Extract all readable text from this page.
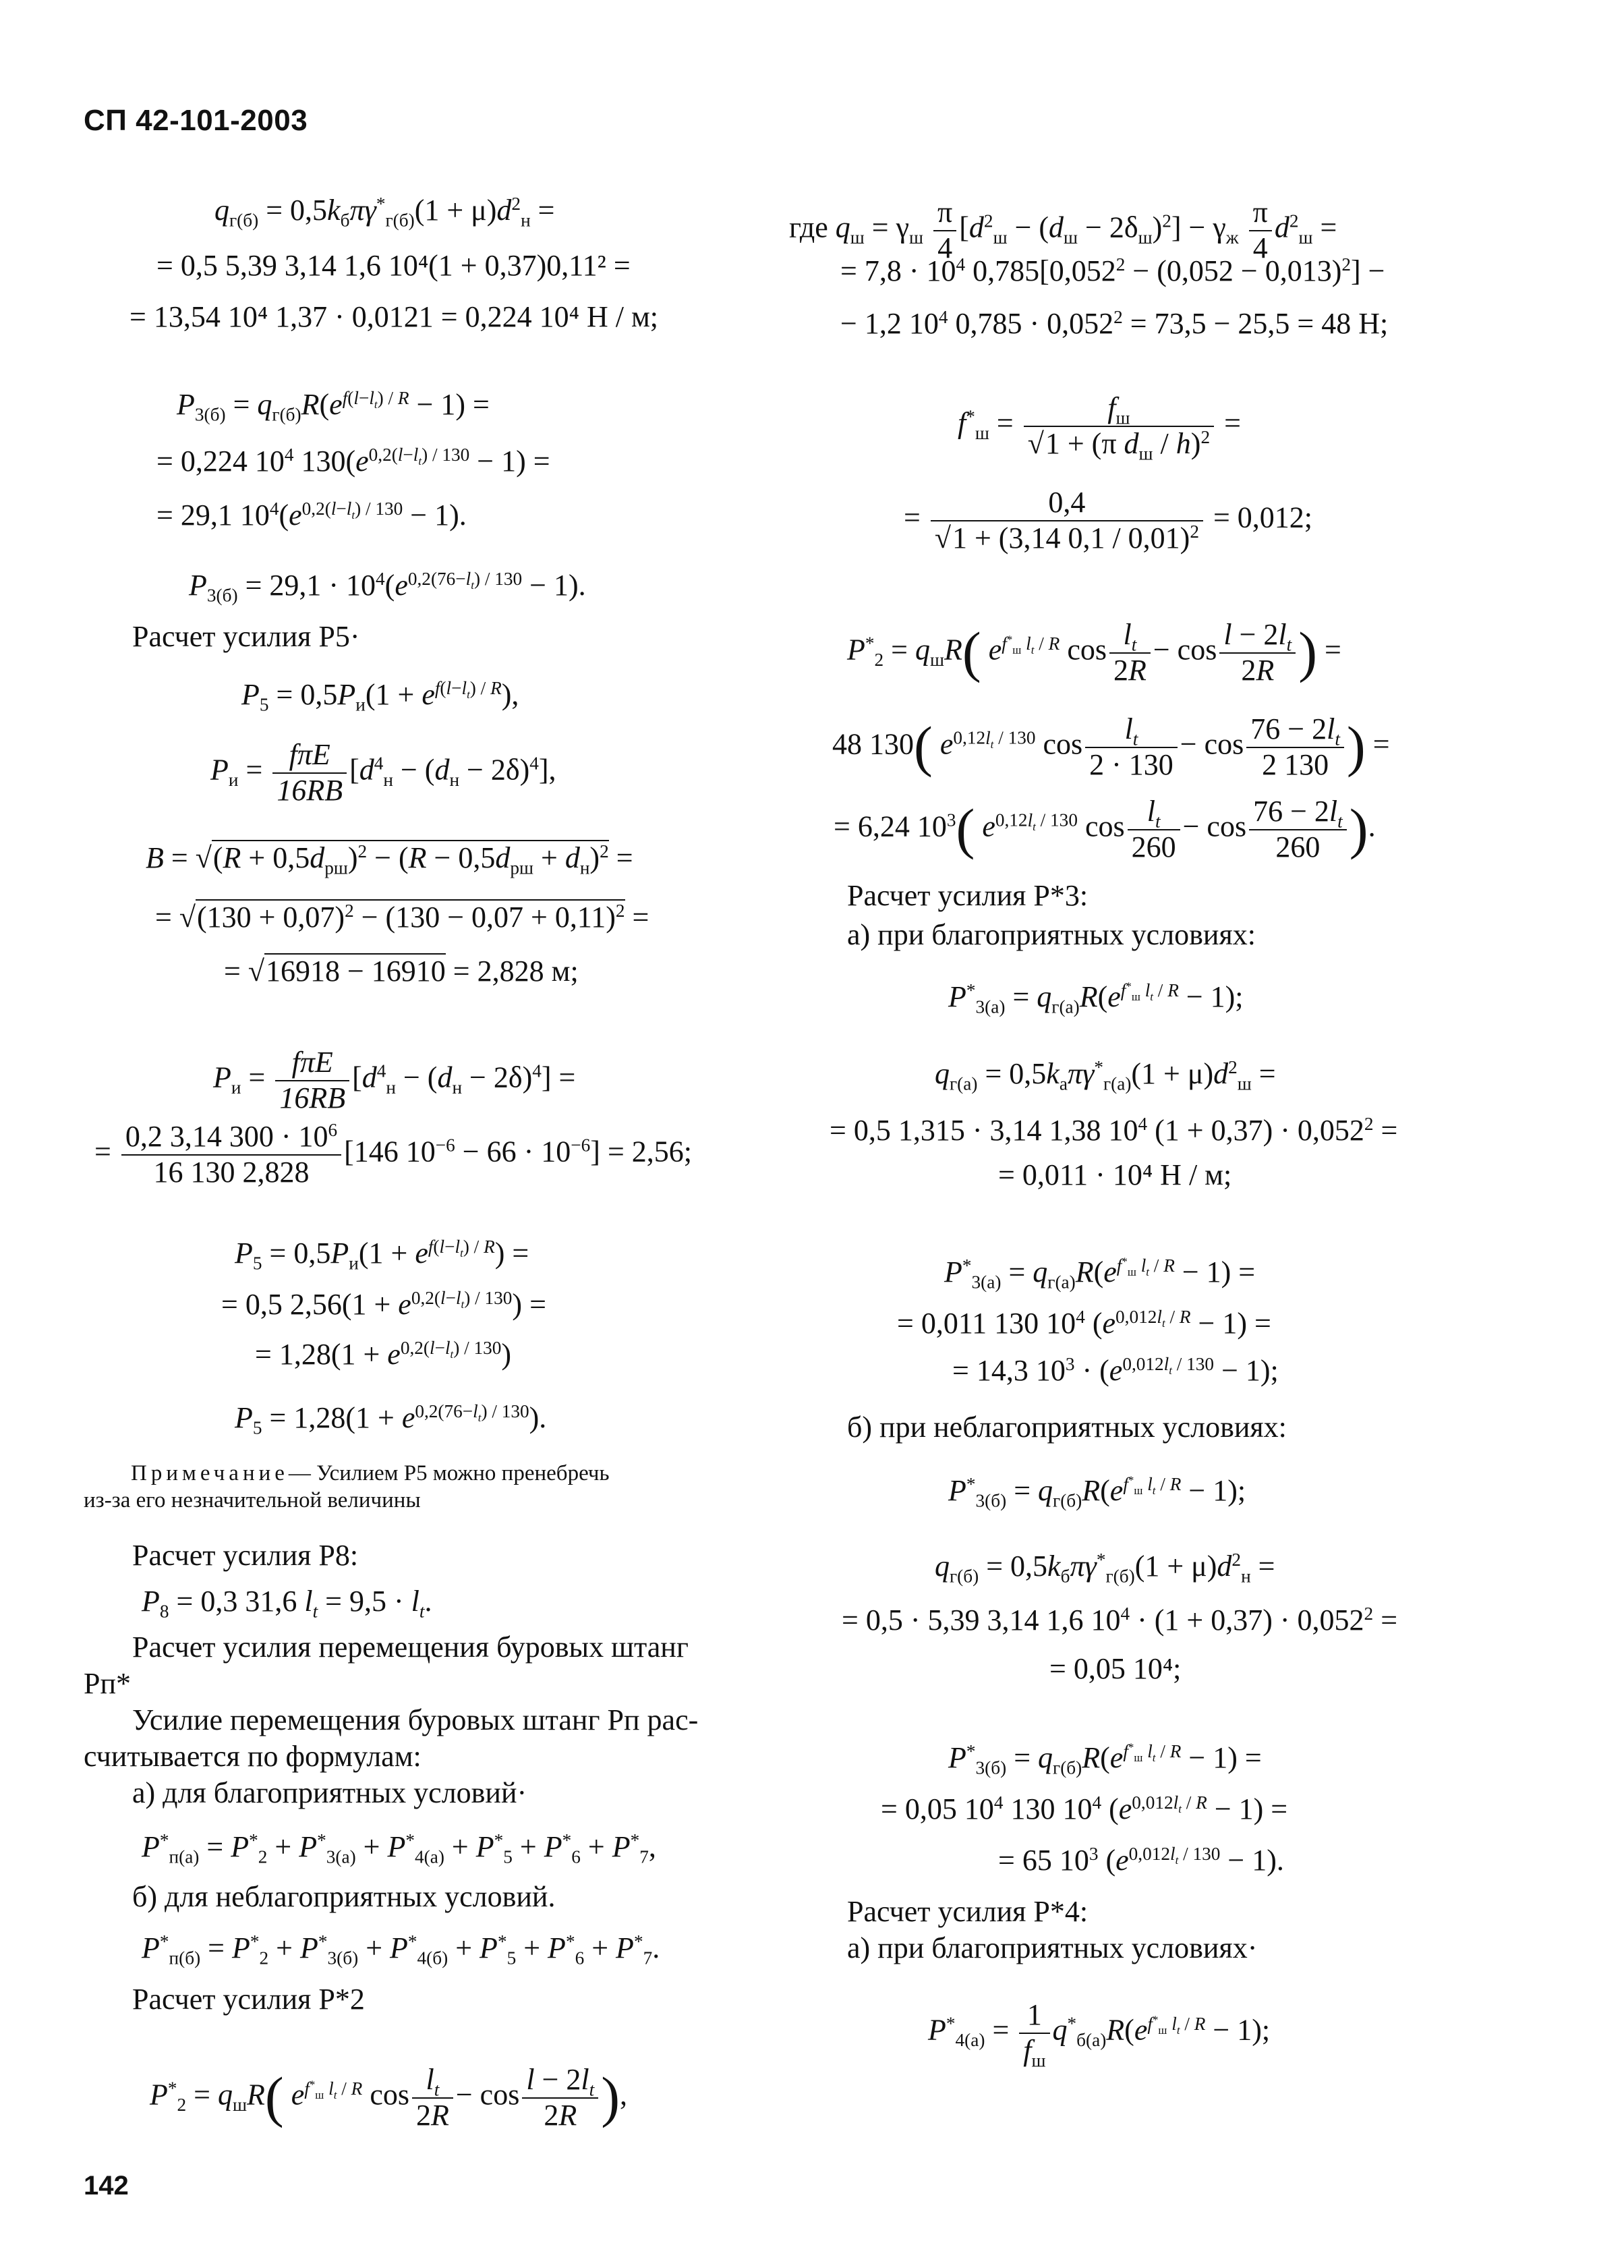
СП 42-101-2003
$q_{г(б)} = 0,5k_б\pi\gamma^*_{г(б)}(1 + \mu)d^2_н$ =
= 0,5 5,39 3,14 1,6 10⁴(1 + 0,37)0,11² =
= 13,54 10⁴ 1,37 · 0,0121 = 0,224 10⁴ Н / м;
$P_{3(б)} = q_{г(б)}R(e^{f(l-l_t) / R} - 1)$ =
= 0,224 $10^4$ $130(e^{0,2(l-l_t) / 130} - 1)$ =
= 29,1 $10^4(e^{0,2(l-l_t) / 130} - 1)$.
$P_{3(б)} = 29,1 \cdot 10^4(e^{0,2(76-l_t) / 130} - 1)$.
Расчет усилия P5·
$P_5 = 0,5P_и(1 + e^{f(l-l_t) / R})$,
$P_и = f\pi E$
16RB
$[d^4_н - (d_н - 2\delta)^4]$,
$B = √(R + 0,5d_{рш})^2 - (R - 0,5d_{рш} + d_н)^2$ =
= $√(130 + 0,07)^2 - (130 - 0,07 + 0,11)^2$ =
= √16918 − 16910 = 2,828 м;
$P_и = f\pi E$
16RB
$[d^4_н - (d_н - 2\delta)^4]$ =
= $\frac{0,2 3,14 300 \cdot 10^6}{16 130 2,828} [146$ $10^{-6} - 66 \cdot 10^{-6}] = 2,56$;
$P_5 = 0,5P_и(1 + e^{f(l-l_t) / R})$ =
= 0,5 $2,56(1 + e^{0,2(l-l_t) / 130})$ =
= $1,28(1 + e^{0,2(l-l_t) / 130})$
$P_5 = 1,28(1 + e^{0,2(76-l_t) / 130})$.
Примечание— Усилием P5 можно пренебречь
из-за его незначительной величины
Расчет усилия P8:
$P_8 = 0,3$ 31,6 $l_t = 9,5 \cdot l_t$.
Расчет усилия перемещения буровых штанг
Pп*
Усилие перемещения буровых штанг Pп рас-
считывается по формулам:
а) для благоприятных условий·
$P^*_{п(а)} = P^*_2 + P^*_{3(а)} + P^*_{4(а)} + P^*_5 + P^*_6 + P^*_7$,
б) для неблагоприятных условий.
$P^*_{п(б)} = P^*_2 + P^*_{3(б)} + P^*_{4(б)} + P^*_5 + P^*_6 + P^*_7$.
Расчет усилия P*2
$P^*_2 = q_шR$( $e^{f^*_ш l_t / R}$ $\cos \frac{l_t}{2R} - \cos \frac{l - 2l_t}{2R}$ ),
где $q_ш = \gamma_ш \frac{\pi}{4} [d^2_ш - (d_ш - 2\delta_ш)^2] - \gamma_ж \frac{\pi}{4} d^2_ш$ =
= $7,8 \cdot 10^4$ $0,785[0,052^2 - (0,052 - 0,013)^2]$ −
− 1,2 $10^4$ $0,785 \cdot 0,052^2 = 73,5 - 25,5 = 48$ Н;
$f^*_ш$ =	$f_ш$
√1 + (π $d_ш / h)^2$ =
= $\frac{0,4}{√1 + (3,14 0,1 / 0,01)^2} = 0,012$;
$P^*_2 = q_шR$( $e^{f^*_ш l_t / R}$ $\cos \frac{l_t}{2R} - \cos \frac{l - 2l_t}{2R}$ ) =
48 130( $e^{0,12l_t / 130}$ $\cos \frac{l_t}{2 \cdot 130} - \cos \frac{76 - 2l_t}{2 130}$ ) =
= 6,24 $10^3$( $e^{0,12l_t / 130}$ $\cos \frac{l_t}{260} - \cos \frac{76 - 2l_t}{260}$ ).
Расчет усилия P*3:
а) при благоприятных условиях:
$P^*_{3(а)} = q_{г(а)}R(e^{f^*_ш l_t / R} - 1)$;
$q_{г(а)} = 0,5k_а\pi\gamma^*_{г(а)}(1 + \mu)d^2_ш$ =
= 0,5 1,315 · 3,14 1,38 $10^4$ $(1 + 0,37) \cdot 0,052^2$ =
= 0,011 · 10⁴ Н / м;
$P^*_{3(а)} = q_{г(а)}R(e^{f^*_ш l_t / R} - 1)$ =
= 0,011 130 $10^4$ $(e^{0,012l_t / R} - 1)$ =
= 14,3 $10^3 \cdot (e^{0,012l_t / 130} - 1)$;
б) при неблагоприятных условиях:
$P^*_{3(б)} = q_{г(б)}R(e^{f^*_ш l_t / R} - 1)$;
$q_{г(б)} = 0,5k_б\pi\gamma^*_{г(б)}(1 + \mu)d^2_н$ =
= 0,5 · 5,39 3,14 1,6 $10^4 \cdot (1 + 0,37) \cdot 0,052^2$ =
= 0,05 10⁴;
$P^*_{3(б)} = q_{г(б)}R(e^{f^*_ш l_t / R} - 1)$ =
= 0,05 $10^4$ 130 $10^4$ $(e^{0,012l_t / R} - 1)$ =
= 65 $10^3$ $(e^{0,012l_t / 130} - 1)$.
Расчет усилия P*4:
а) при благоприятных условиях·
$P^*_{4(а)} = 1$
$f_ш$
$q^*_{б(а)}R(e^{f^*_ш l_t / R} - 1)$;
142
